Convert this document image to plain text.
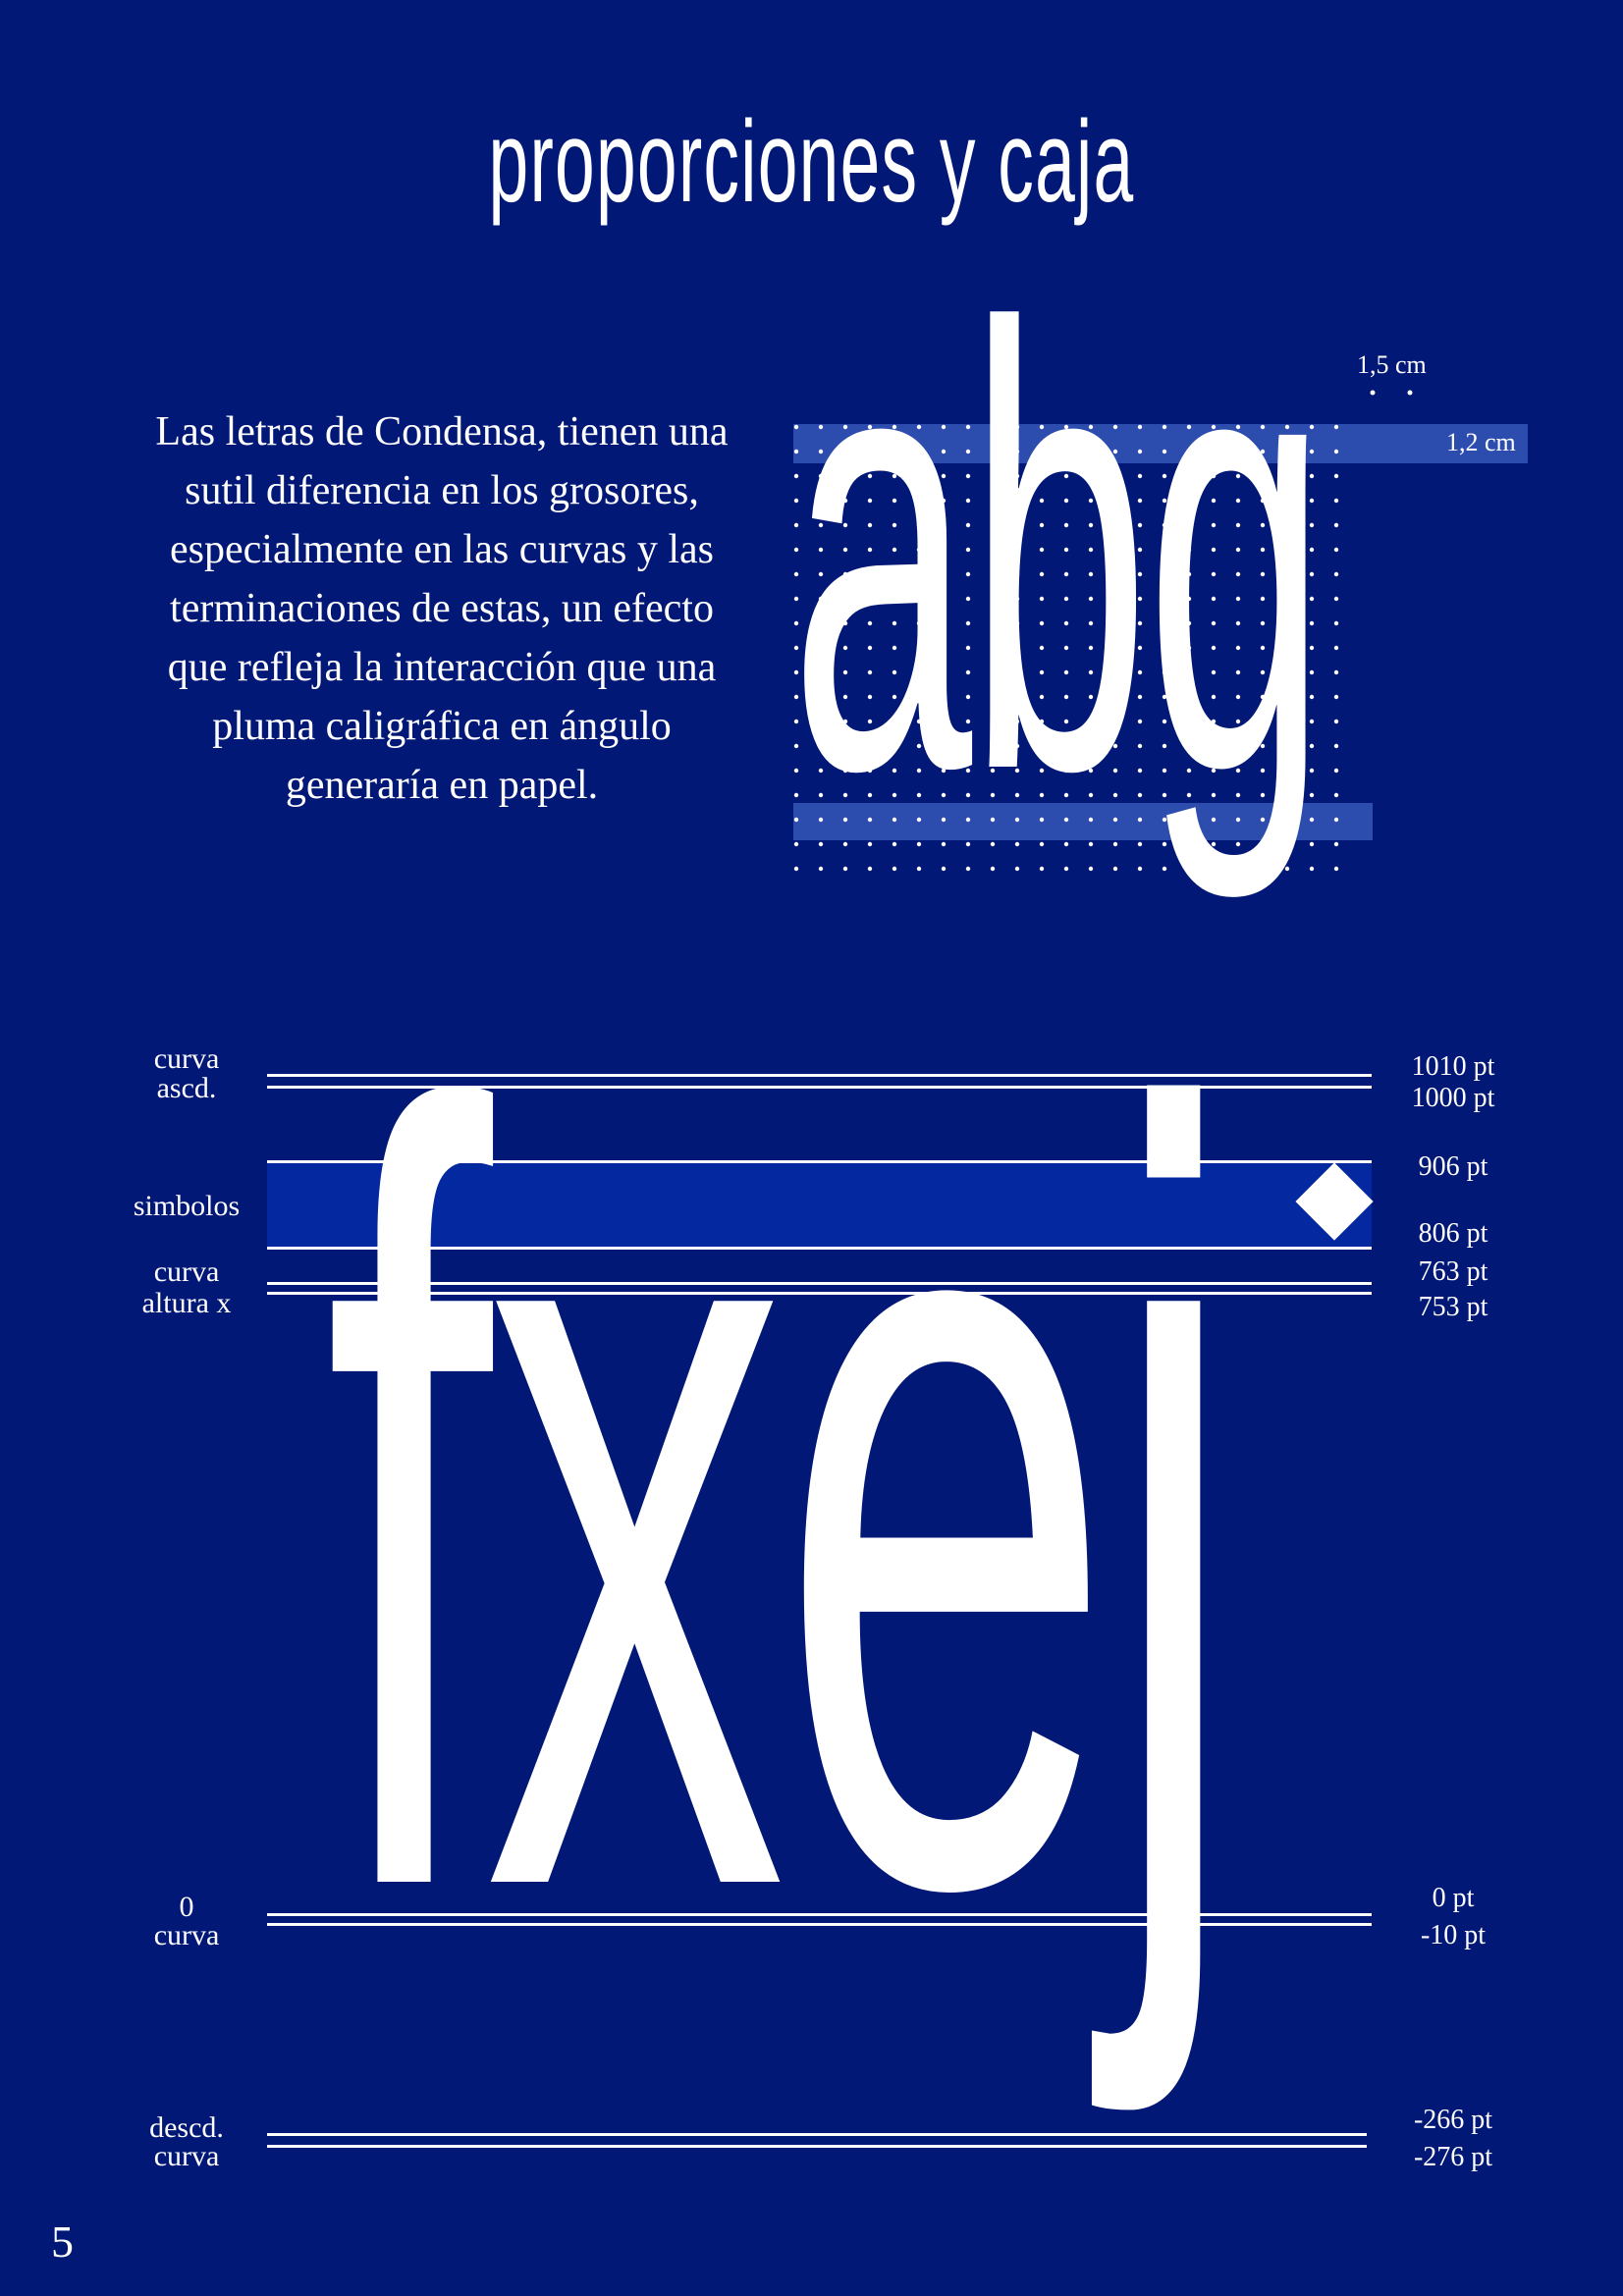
proporciones y caja
Las letras de Condensa, tienen una sutil diferencia en los grosores, especialmente en las curvas y las terminaciones de estas, un efecto que refleja la interacción que una pluma caligráfica en ángulo generaría en papel. abg 1,5 cm
1,2 cm
fxej
curva
ascd.
simbolos
curva
altura x
0
curva
descd.
curva
1010 pt
1000 pt
906 pt
806 pt
763 pt
753 pt
0 pt
-10 pt
-266 pt
-276 pt
5
